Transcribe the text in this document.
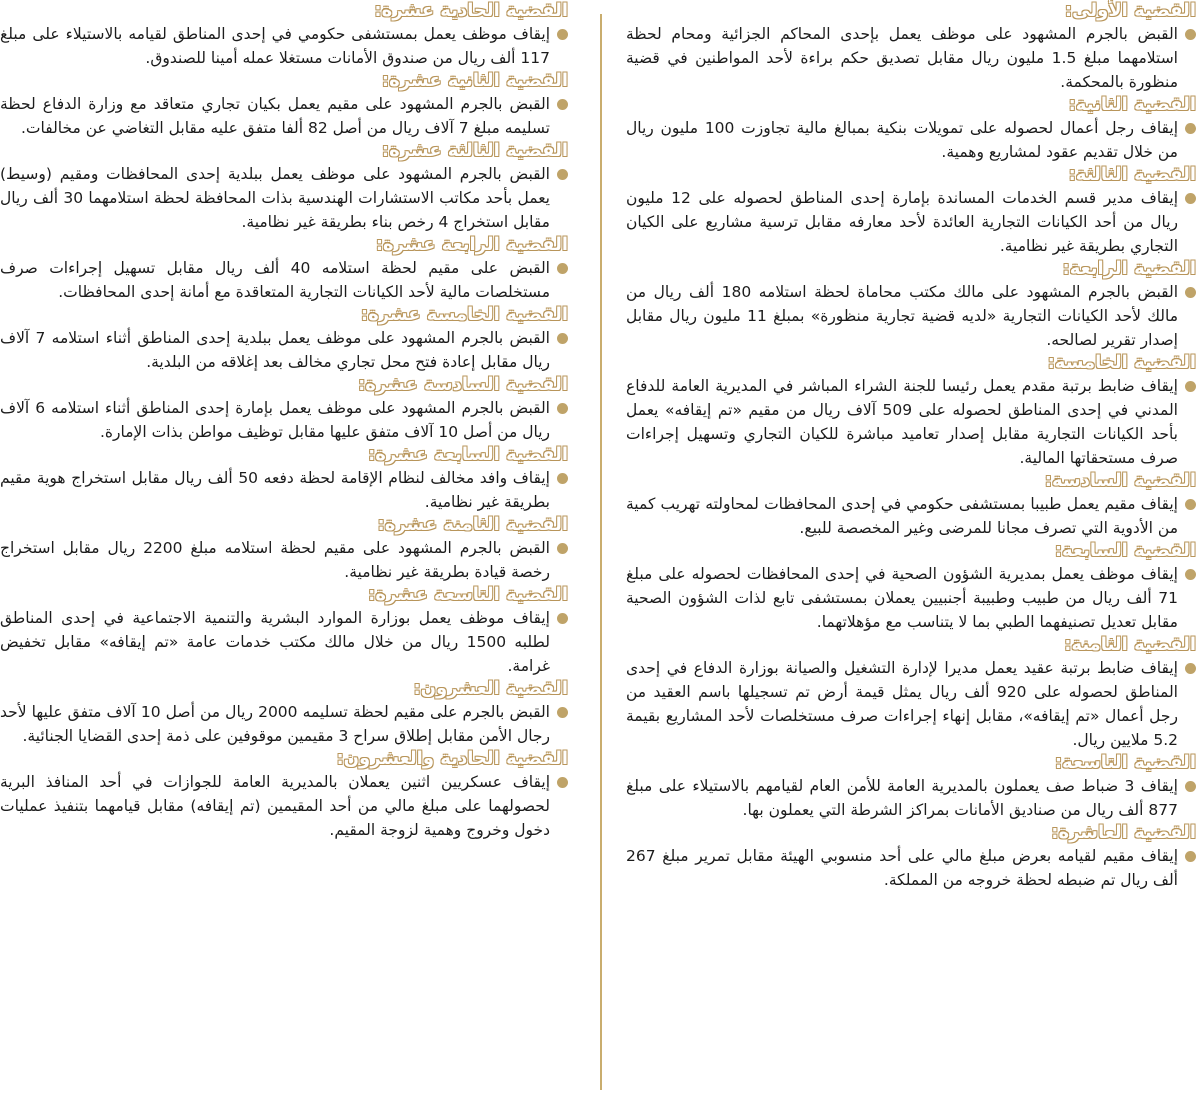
القضية الأولى:
القبض بالجرم المشهود على موظف يعمل بإحدى المحاكم الجزائية ومحام لحظة استلامهما مبلغ 1.5 مليون ريال مقابل تصديق حكم براءة لأحد المواطنين في قضية منظورة بالمحكمة.
القضية الثانية:
إيقاف رجل أعمال لحصوله على تمويلات بنكية بمبالغ مالية تجاوزت 100 مليون ريال من خلال تقديم عقود لمشاريع وهمية.
القضية الثالثة:
إيقاف مدير قسم الخدمات المساندة بإمارة إحدى المناطق لحصوله على 12 مليون ريال من أحد الكيانات التجارية العائدة لأحد معارفه مقابل ترسية مشاريع على الكيان التجاري بطريقة غير نظامية.
القضية الرابعة:
القبض بالجرم المشهود على مالك مكتب محاماة لحظة استلامه 180 ألف ريال من مالك لأحد الكيانات التجارية «لديه قضية تجارية منظورة» بمبلغ 11 مليون ريال مقابل إصدار تقرير لصالحه.
القضية الخامسة:
إيقاف ضابط برتبة مقدم يعمل رئيسا للجنة الشراء المباشر في المديرية العامة للدفاع المدني في إحدى المناطق لحصوله على 509 آلاف ريال من مقيم «تم إيقافه» يعمل بأحد الكيانات التجارية مقابل إصدار تعاميد مباشرة للكيان التجاري وتسهيل إجراءات صرف مستحقاتها المالية.
القضية السادسة:
إيقاف مقيم يعمل طبيبا بمستشفى حكومي في إحدى المحافظات لمحاولته تهريب كمية من الأدوية التي تصرف مجانا للمرضى وغير المخصصة للبيع.
القضية السابعة:
إيقاف موظف يعمل بمديرية الشؤون الصحية في إحدى المحافظات لحصوله على مبلغ 71 ألف ريال من طبيب وطبيبة أجنبيين يعملان بمستشفى تابع لذات الشؤون الصحية مقابل تعديل تصنيفهما الطبي بما لا يتناسب مع مؤهلاتهما.
القضية الثامنة:
إيقاف ضابط برتبة عقيد يعمل مديرا لإدارة التشغيل والصيانة بوزارة الدفاع في إحدى المناطق لحصوله على 920 ألف ريال يمثل قيمة أرض تم تسجيلها باسم العقيد من رجل أعمال «تم إيقافه»، مقابل إنهاء إجراءات صرف مستخلصات لأحد المشاريع بقيمة 5.2 ملايين ريال.
القضية التاسعة:
إيقاف 3 ضباط صف يعملون بالمديرية العامة للأمن العام لقيامهم بالاستيلاء على مبلغ 877 ألف ريال من صناديق الأمانات بمراكز الشرطة التي يعملون بها.
القضية العاشرة:
إيقاف مقيم لقيامه بعرض مبلغ مالي على أحد منسوبي الهيئة مقابل تمرير مبلغ 267 ألف ريال تم ضبطه لحظة خروجه من المملكة.
القضية الحادية عشرة:
إيقاف موظف يعمل بمستشفى حكومي في إحدى المناطق لقيامه بالاستيلاء على مبلغ 117 ألف ريال من صندوق الأمانات مستغلا عمله أمينا للصندوق.
القضية الثانية عشرة:
القبض بالجرم المشهود على مقيم يعمل بكيان تجاري متعاقد مع وزارة الدفاع لحظة تسليمه مبلغ 7 آلاف ريال من أصل 82 ألفا متفق عليه مقابل التغاضي عن مخالفات.
القضية الثالثة عشرة:
القبض بالجرم المشهود على موظف يعمل ببلدية إحدى المحافظات ومقيم (وسيط) يعمل بأحد مكاتب الاستشارات الهندسية بذات المحافظة لحظة استلامهما 30 ألف ريال مقابل استخراج 4 رخص بناء بطريقة غير نظامية.
القضية الرابعة عشرة:
القبض على مقيم لحظة استلامه 40 ألف ريال مقابل تسهيل إجراءات صرف مستخلصات مالية لأحد الكيانات التجارية المتعاقدة مع أمانة إحدى المحافظات.
القضية الخامسة عشرة:
القبض بالجرم المشهود على موظف يعمل ببلدية إحدى المناطق أثناء استلامه 7 آلاف ريال مقابل إعادة فتح محل تجاري مخالف بعد إغلاقه من البلدية.
القضية السادسة عشرة:
القبض بالجرم المشهود على موظف يعمل بإمارة إحدى المناطق أثناء استلامه 6 آلاف ريال من أصل 10 آلاف متفق عليها مقابل توظيف مواطن بذات الإمارة.
القضية السابعة عشرة:
إيقاف وافد مخالف لنظام الإقامة لحظة دفعه 50 ألف ريال مقابل استخراج هوية مقيم بطريقة غير نظامية.
القضية الثامنة عشرة:
القبض بالجرم المشهود على مقيم لحظة استلامه مبلغ 2200 ريال مقابل استخراج رخصة قيادة بطريقة غير نظامية.
القضية التاسعة عشرة:
إيقاف موظف يعمل بوزارة الموارد البشرية والتنمية الاجتماعية في إحدى المناطق لطلبه 1500 ريال من خلال مالك مكتب خدمات عامة «تم إيقافه» مقابل تخفيض غرامة.
القضية العشرون:
القبض بالجرم على مقيم لحظة تسليمه 2000 ريال من أصل 10 آلاف متفق عليها لأحد رجال الأمن مقابل إطلاق سراح 3 مقيمين موقوفين على ذمة إحدى القضايا الجنائية.
القضية الحادية والعشرون:
إيقاف عسكريين اثنين يعملان بالمديرية العامة للجوازات في أحد المنافذ البرية لحصولهما على مبلغ مالي من أحد المقيمين (تم إيقافه) مقابل قيامهما بتنفيذ عمليات دخول وخروج وهمية لزوجة المقيم.
